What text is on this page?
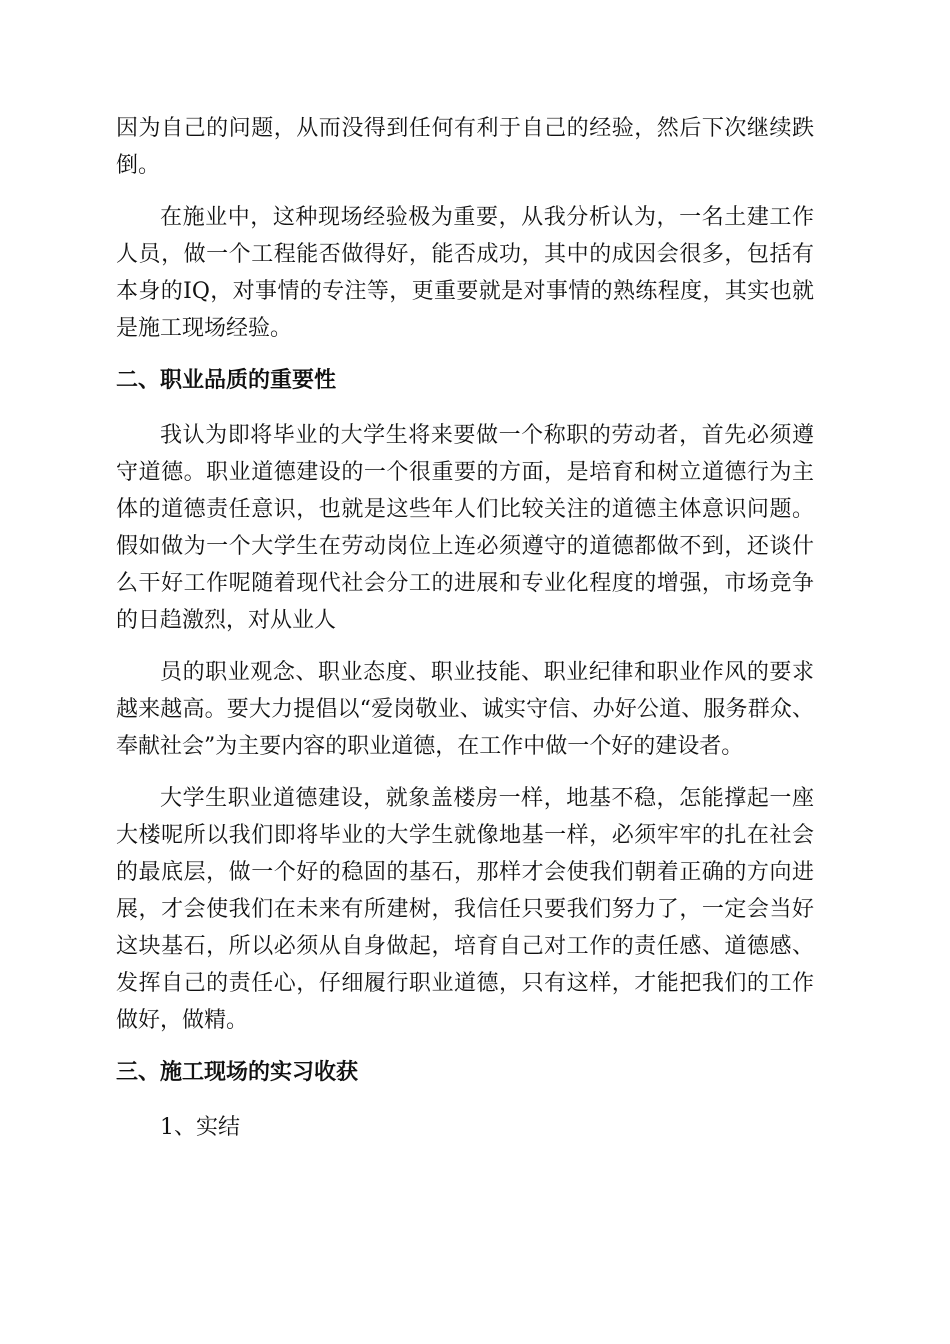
因为自己的问题，从而没得到任何有利于自己的经验，然后下次继续跌倒。

在施业中，这种现场经验极为重要，从我分析认为，一名土建工作人员，做一个工程能否做得好，能否成功，其中的成因会很多，包括有本身的IQ，对事情的专注等，更重要就是对事情的熟练程度，其实也就是施工现场经验。

二、职业品质的重要性

我认为即将毕业的大学生将来要做一个称职的劳动者，首先必须遵守道德。职业道德建设的一个很重要的方面，是培育和树立道德行为主体的道德责任意识，也就是这些年人们比较关注的道德主体意识问题。假如做为一个大学生在劳动岗位上连必须遵守的道德都做不到，还谈什么干好工作呢随着现代社会分工的进展和专业化程度的增强，市场竞争的日趋激烈，对从业人

员的职业观念、职业态度、职业技能、职业纪律和职业作风的要求越来越高。要大力提倡以“爱岗敬业、诚实守信、办好公道、服务群众、奉献社会”为主要内容的职业道德，在工作中做一个好的建设者。

大学生职业道德建设，就象盖楼房一样，地基不稳，怎能撑起一座大楼呢所以我们即将毕业的大学生就像地基一样，必须牢牢的扎在社会的最底层，做一个好的稳固的基石，那样才会使我们朝着正确的方向进展，才会使我们在未来有所建树，我信任只要我们努力了，一定会当好这块基石，所以必须从自身做起，培育自己对工作的责任感、道德感、发挥自己的责任心，仔细履行职业道德，只有这样，才能把我们的工作做好，做精。

三、施工现场的实习收获

1、实结
